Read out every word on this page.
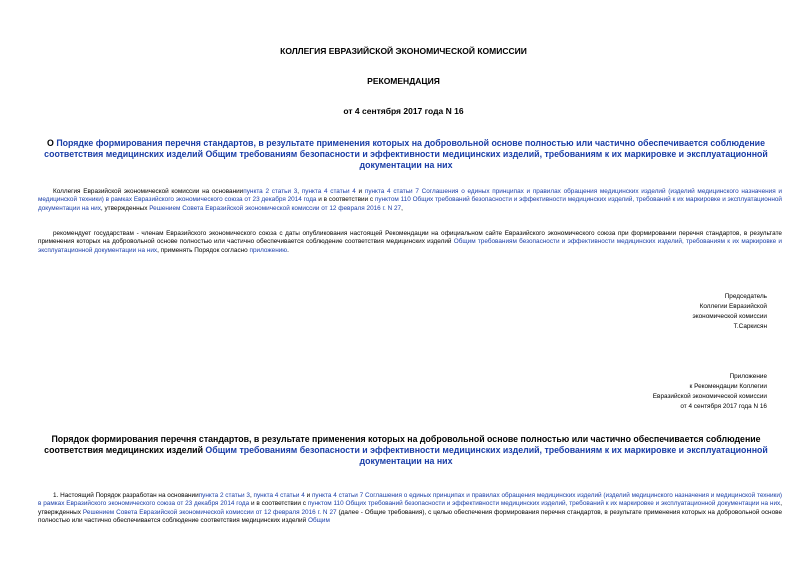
КОЛЛЕГИЯ ЕВРАЗИЙСКОЙ ЭКОНОМИЧЕСКОЙ КОМИССИИ
РЕКОМЕНДАЦИЯ
от 4 сентября 2017 года N 16
О Порядке формирования перечня стандартов, в результате применения которых на добровольной основе полностью или частично обеспечивается соблюдение соответствия медицинских изделий Общим требованиям безопасности и эффективности медицинских изделий, требованиям к их маркировке и эксплуатационной документации на них
Коллегия Евразийской экономической комиссии на основаниипункта 2 статьи 3, пункта 4 статьи 4 и пункта 4 статьи 7 Соглашения о единых принципах и правилах обращения медицинских изделий (изделий медицинского назначения и медицинской техники) в рамках Евразийского экономического союза от 23 декабря 2014 года и в соответствии с пунктом 110 Общих требований безопасности и эффективности медицинских изделий, требований к их маркировке и эксплуатационной документации на них, утвержденных Решением Совета Евразийской экономической комиссии от 12 февраля 2016 г. N 27,
рекомендует государствам - членам Евразийского экономического союза с даты опубликования настоящей Рекомендации на официальном сайте Евразийского экономического союза при формировании перечня стандартов, в результате применения которых на добровольной основе полностью или частично обеспечивается соблюдение соответствия медицинских изделий Общим требованиям безопасности и эффективности медицинских изделий, требованиям к их маркировке и эксплуатационной документации на них, применять Порядок согласно приложению.
Председатель
Коллегии Евразийской
экономической комиссии
Т.Саркисян
Приложение
к Рекомендации Коллегии
Евразийской экономической комиссии
от 4 сентября 2017 года N 16
Порядок формирования перечня стандартов, в результате применения которых на добровольной основе полностью или частично обеспечивается соблюдение соответствия медицинских изделий Общим требованиям безопасности и эффективности медицинских изделий, требованиям к их маркировке и эксплуатационной документации на них
1. Настоящий Порядок разработан на основаниипункта 2 статьи 3, пункта 4 статьи 4 и пункта 4 статьи 7 Соглашения о единых принципах и правилах обращения медицинских изделий (изделий медицинского назначения и медицинской техники) в рамках Евразийского экономического союза от 23 декабря 2014 года и в соответствии с пунктом 110 Общих требований безопасности и эффективности медицинских изделий, требований к их маркировке и эксплуатационной документации на них, утвержденных Решением Совета Евразийской экономической комиссии от 12 февраля 2016 г. N 27 (далее - Общие требования), с целью обеспечения формирования перечня стандартов, в результате применения которых на добровольной основе полностью или частично обеспечивается соблюдение соответствия медицинских изделий Общим
